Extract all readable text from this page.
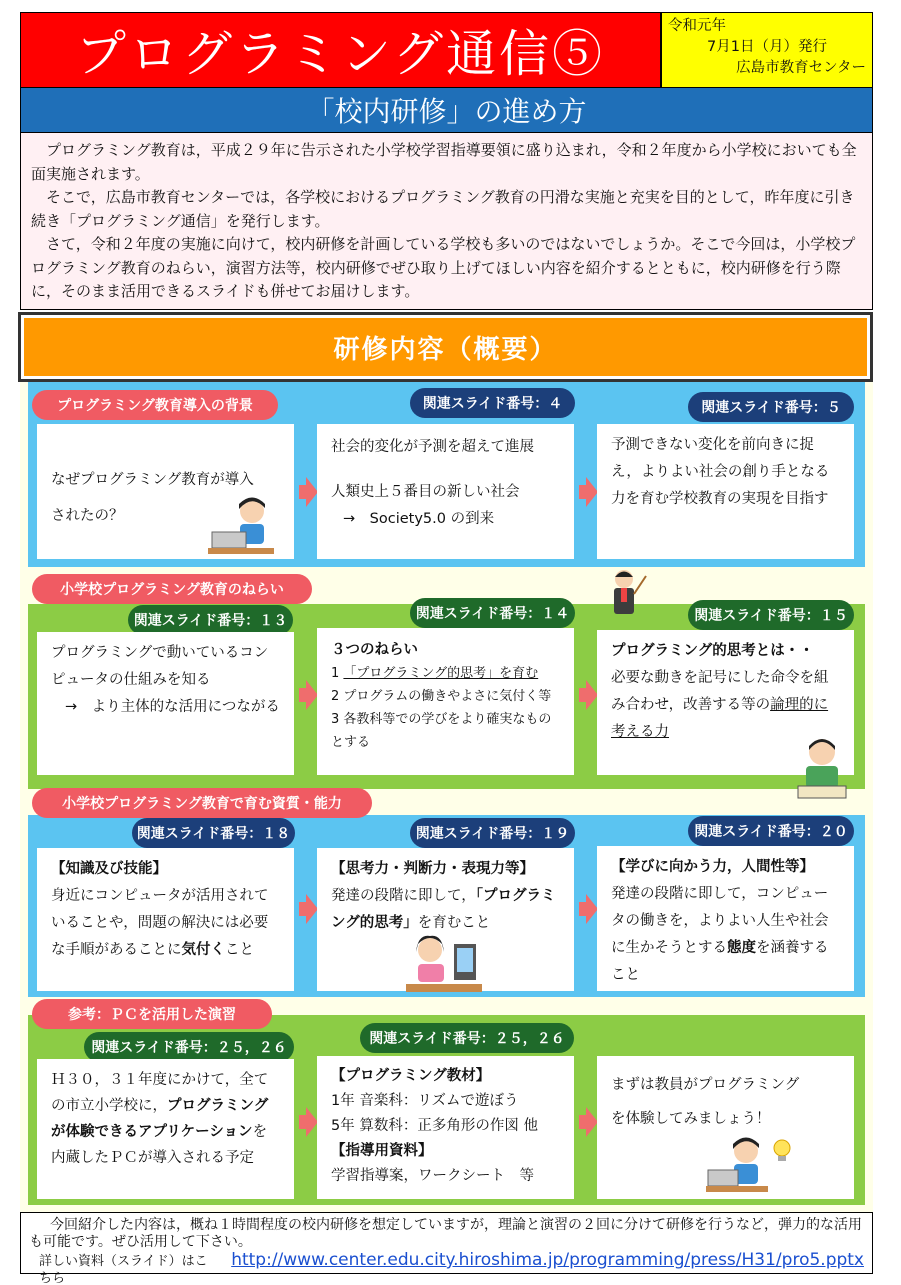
プログラミング通信⑤	令和元年
7月1日（月）発行
広島市教育センター
「校内研修」の進め方

プログラミング教育は，平成２９年に告示された小学校学習指導要領に盛り込まれ，令和２年度から小学校においても全面実施されます。

そこで，広島市教育センターでは，各学校におけるプログラミング教育の円滑な実施と充実を目的として，昨年度に引き続き「プログラミング通信」を発行します。

さて，令和２年度の実施に向けて，校内研修を計画している学校も多いのではないでしょうか。そこで今回は，小学校プログラミング教育のねらい，演習方法等，校内研修でぜひ取り上げてほしい内容を紹介するとともに，校内研修を行う際に，そのまま活用できるスライドも併せてお届けします。

研修内容（概要）
プログラミング教育導入の背景	関連スライド番号：４	関連スライド番号：５
なぜプログラミング教育が導入
されたの？
社会的変化が予測を超えて進展
人類史上５番目の新しい社会
→　Society5.0 の到来
予測できない変化を前向きに捉え，よりよい社会の創り手となる力を育む学校教育の実現を目指す
小学校プログラミング教育のねらい
関連スライド番号：１３	関連スライド番号：１４	関連スライド番号：１５
プログラミングで動いているコンピュータの仕組みを知る
→　より主体的な活用につながる
３つのねらい
1 「プログラミング的思考」を育む
2 プログラムの働きやよさに気付く等
3 各教科等での学びをより確実なものとする
プログラミング的思考とは・・
必要な動きを記号にした命令を組み合わせ，改善する等の論理的に考える力
小学校プログラミング教育で育む資質・能力
関連スライド番号：１８	関連スライド番号：１９	関連スライド番号：２０
【知識及び技能】
身近にコンピュータが活用されていることや，問題の解決には必要な手順があることに気付くこと
【思考力・判断力・表現力等】
発達の段階に即して，「プログラミング的思考」を育むこと
【学びに向かう力，人間性等】
発達の段階に即して，コンピュータの働きを，よりよい人生や社会に生かそうとする態度を涵養すること
参考：ＰＣを活用した演習
関連スライド番号：２５，２６
関連スライド番号：２５，２６
Ｈ３０，３１年度にかけて，全ての市立小学校に，プログラミングが体験できるアプリケーションを内蔵したＰＣが導入される予定
【プログラミング教材】
1年 音楽科：リズムで遊ぼう
5年 算数科：正多角形の作図 他
【指導用資料】
学習指導案，ワークシート　等
まずは教員がプログラミング
を体験してみましょう！

今回紹介した内容は，概ね１時間程度の校内研修を想定していますが，理論と演習の２回に分けて研修を行うなど，弾力的な活用も可能です。ぜひ活用して下さい。

詳しい資料（スライド）はこちら
http://www.center.edu.city.hiroshima.jp/programming/press/H31/pro5.pptx
